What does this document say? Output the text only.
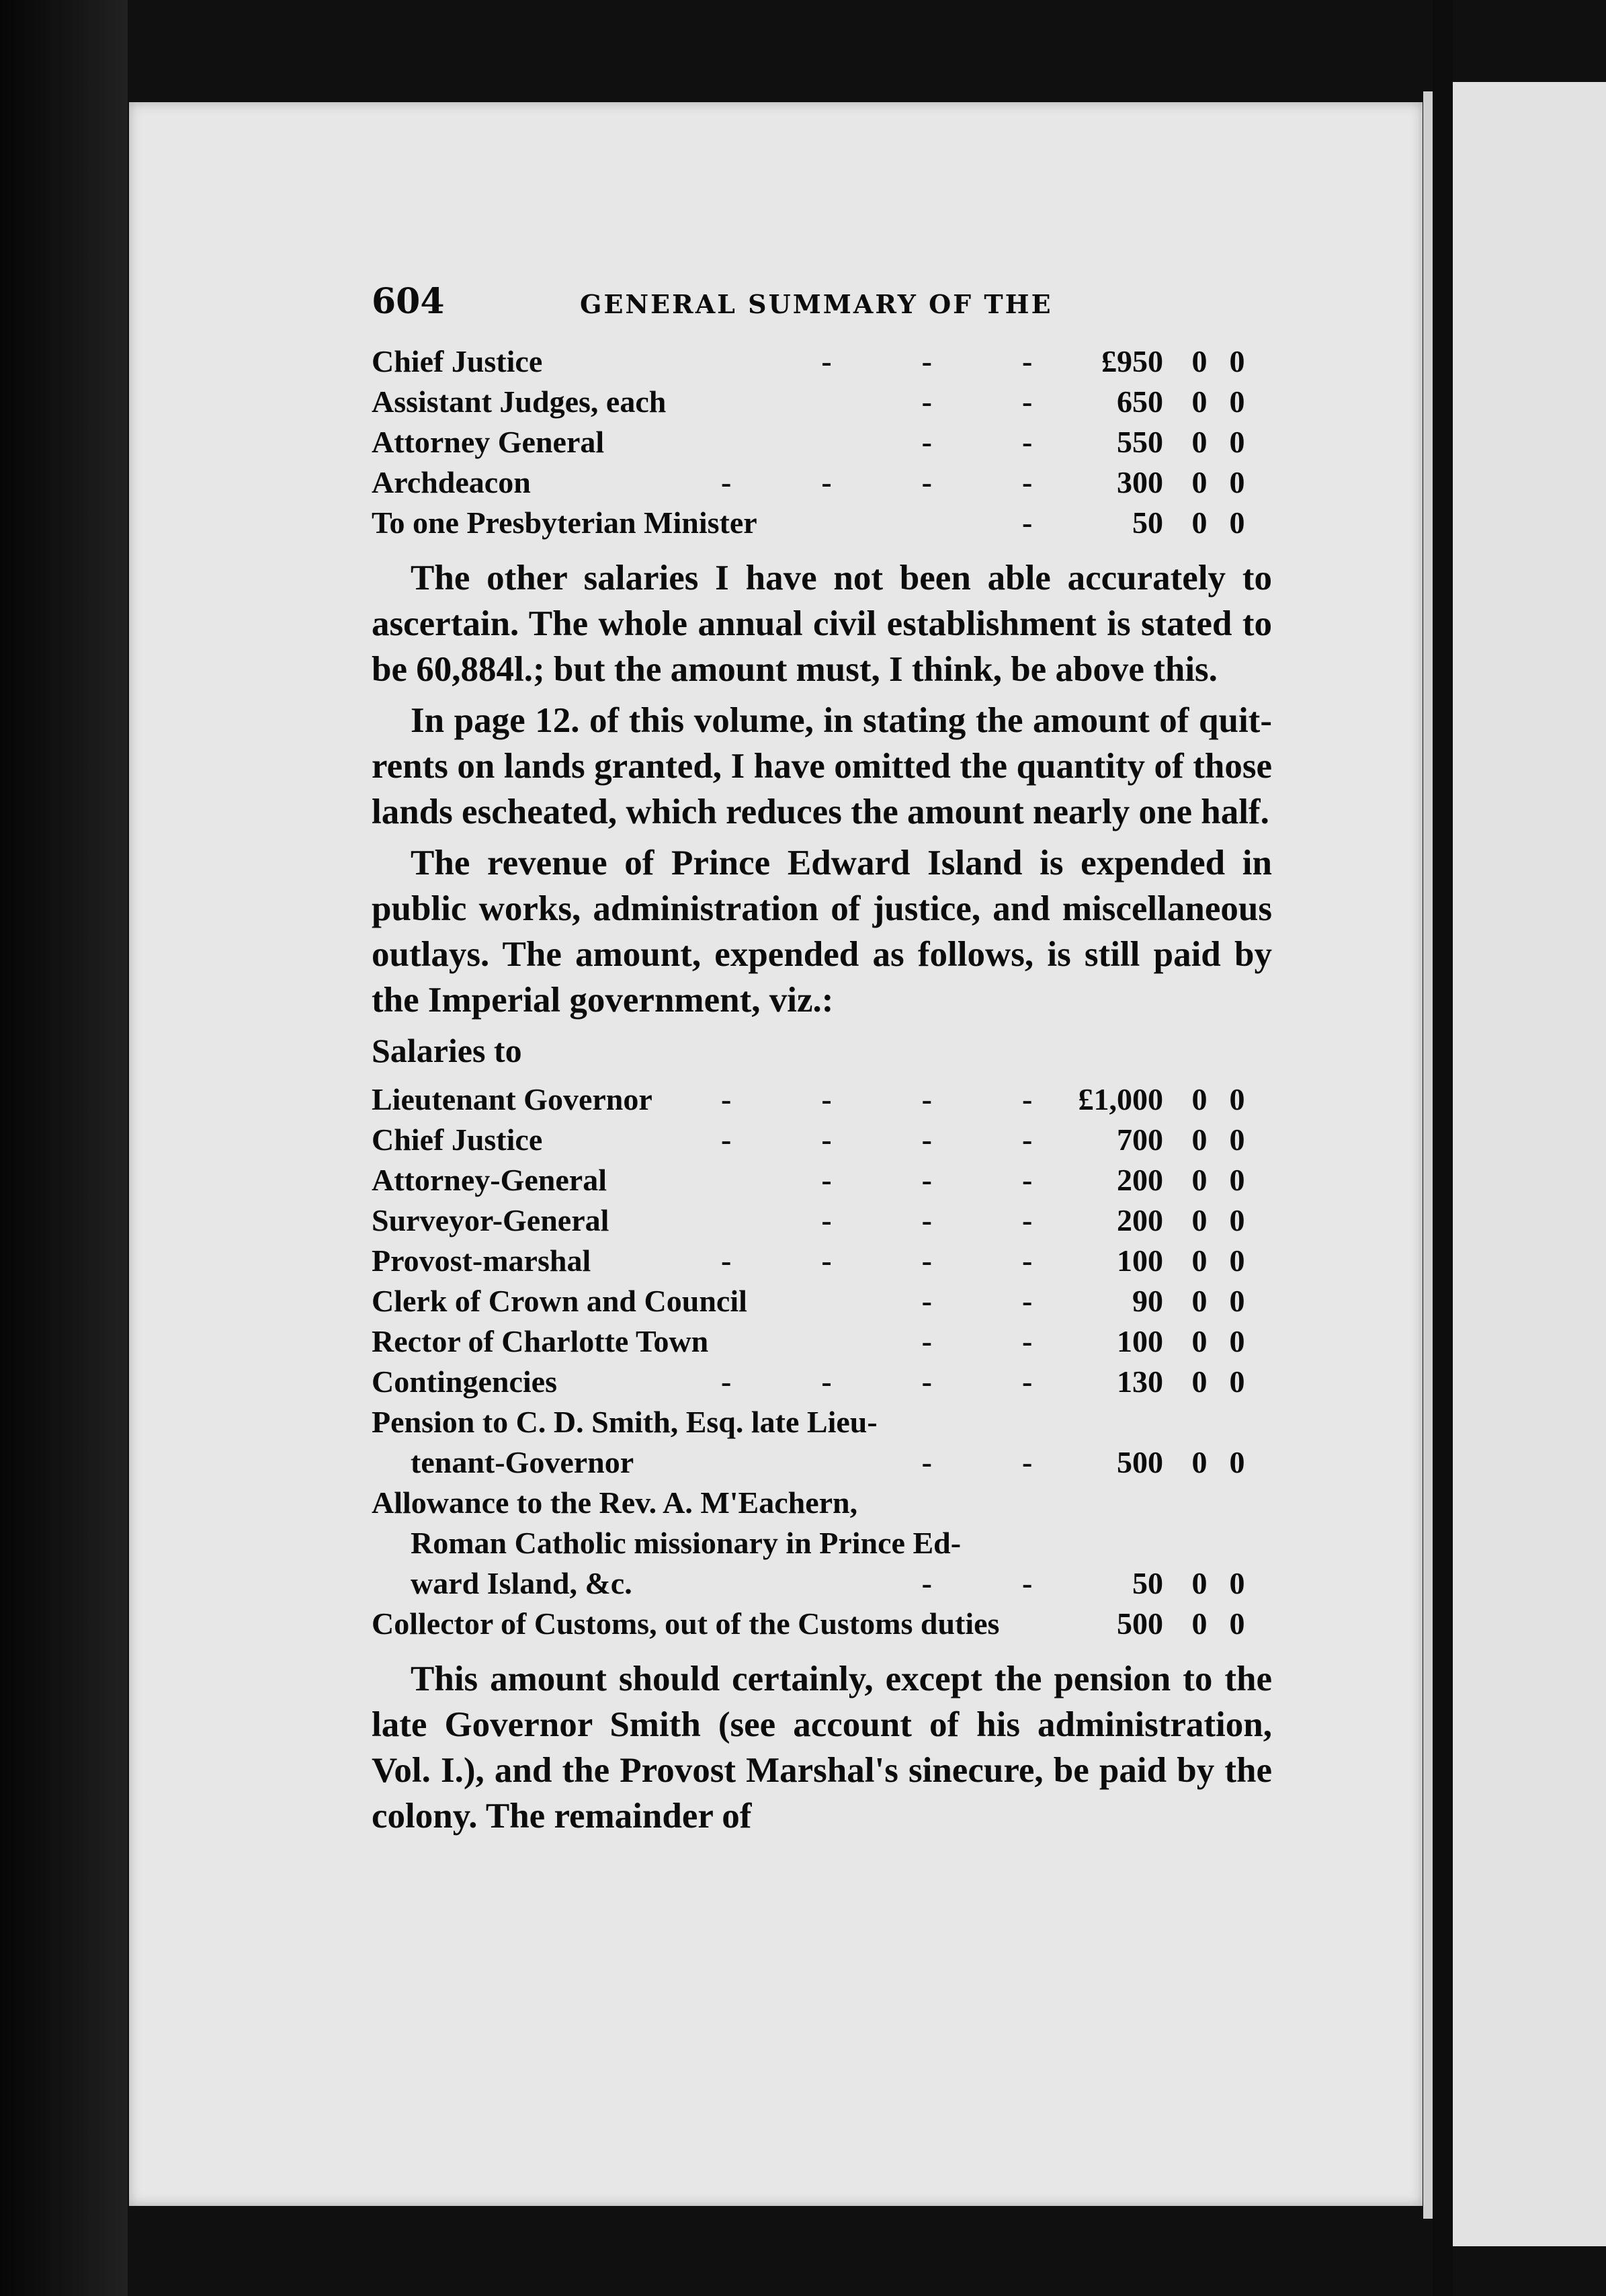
604	GENERAL SUMMARY OF THE
Chief Justice	-	-	-	£950 0 0
Assistant Judges, each	-	-	650 0 0
Attorney General	-	-	550 0 0
Archdeacon	-	-	-	-	300 0 0
To one Presbyterian Minister	-	50 0 0

The other salaries I have not been able accurately to ascertain. The whole annual civil establishment is stated to be 60,884l.; but the amount must, I think, be above this.

In page 12. of this volume, in stating the amount of quit-rents on lands granted, I have omitted the quantity of those lands escheated, which reduces the amount nearly one half.

The revenue of Prince Edward Island is expended in public works, administration of justice, and miscellaneous outlays. The amount, expended as follows, is still paid by the Imperial government, viz.:

Salaries to
Lieutenant Governor -	-	-	-	£1,000 0 0
Chief Justice	-	-	-	-	700 0 0
Attorney-General	-	-	-	200 0 0
Surveyor-General	-	-	-	200 0 0
Provost-marshal	-	-	-	-	100 0 0
Clerk of Crown and Council	-	-	90 0 0
Rector of Charlotte Town	-	-	100 0 0
Contingencies	-	-	-	-	130 0 0
Pension to C. D. Smith, Esq. late Lieu-
tenant-Governor	-	-	500 0 0
Allowance to the Rev. A. M'Eachern,
Roman Catholic missionary in Prince Ed-
ward Island, &c.	-	-	50 0 0
Collector of Customs, out of the Customs duties	500 0 0

This amount should certainly, except the pension to the late Governor Smith (see account of his administration, Vol. I.), and the Provost Marshal's sinecure, be paid by the colony. The remainder of
